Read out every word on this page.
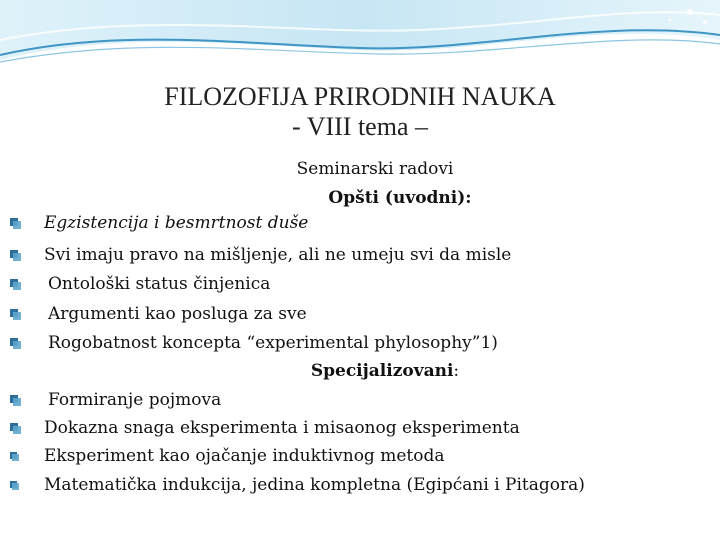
FILOZOFIJA PRIRODNIH NAUKA
- VIII tema –
Seminarski radovi
Opšti (uvodni):
Egzistencija i besmrtnost duše
Svi imaju pravo na mišljenje, ali ne umeju svi da misle
Ontološki status činjenica
Argumenti kao posluga za sve
Rogobatnost koncepta “experimental phylosophy”1)
Specijalizovani:
Formiranje pojmova
Dokazna snaga eksperimenta i misaonog eksperimenta
Eksperiment kao ojačanje induktivnog metoda
Matematička indukcija, jedina kompletna (Egipćani i Pitagora)
